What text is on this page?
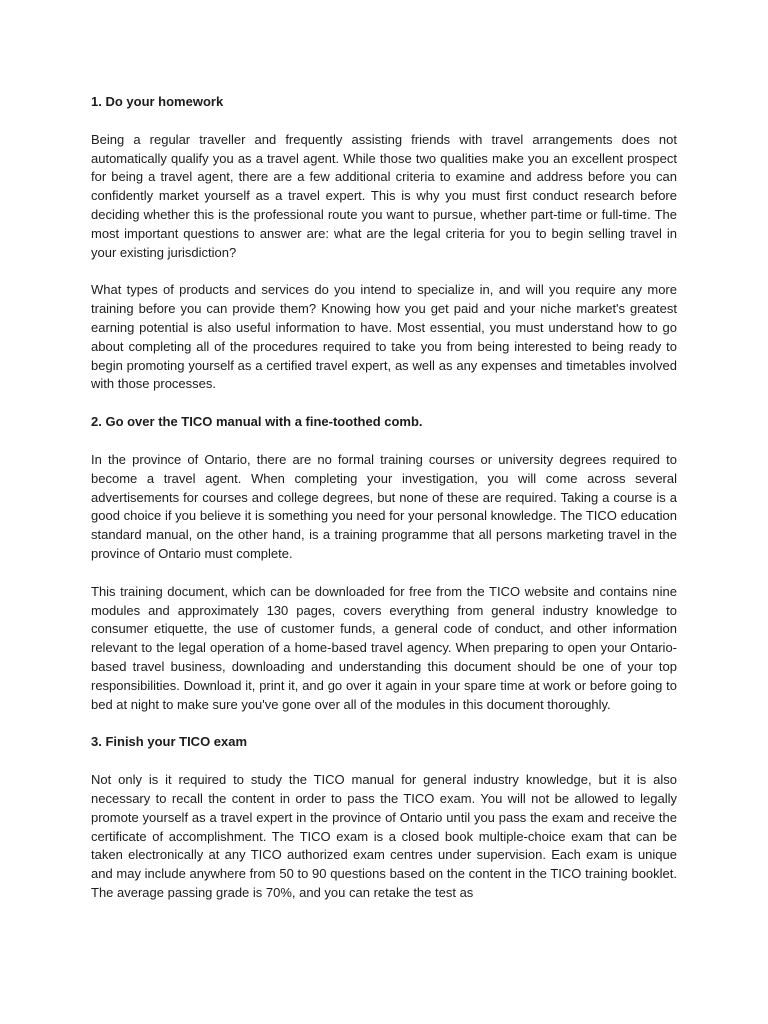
1. Do your homework
Being a regular traveller and frequently assisting friends with travel arrangements does not automatically qualify you as a travel agent. While those two qualities make you an excellent prospect for being a travel agent, there are a few additional criteria to examine and address before you can confidently market yourself as a travel expert. This is why you must first conduct research before deciding whether this is the professional route you want to pursue, whether part-time or full-time. The most important questions to answer are: what are the legal criteria for you to begin selling travel in your existing jurisdiction?
What types of products and services do you intend to specialize in, and will you require any more training before you can provide them? Knowing how you get paid and your niche market's greatest earning potential is also useful information to have. Most essential, you must understand how to go about completing all of the procedures required to take you from being interested to being ready to begin promoting yourself as a certified travel expert, as well as any expenses and timetables involved with those processes.
2. Go over the TICO manual with a fine-toothed comb.
In the province of Ontario, there are no formal training courses or university degrees required to become a travel agent. When completing your investigation, you will come across several advertisements for courses and college degrees, but none of these are required. Taking a course is a good choice if you believe it is something you need for your personal knowledge. The TICO education standard manual, on the other hand, is a training programme that all persons marketing travel in the province of Ontario must complete.
This training document, which can be downloaded for free from the TICO website and contains nine modules and approximately 130 pages, covers everything from general industry knowledge to consumer etiquette, the use of customer funds, a general code of conduct, and other information relevant to the legal operation of a home-based travel agency. When preparing to open your Ontario-based travel business, downloading and understanding this document should be one of your top responsibilities. Download it, print it, and go over it again in your spare time at work or before going to bed at night to make sure you've gone over all of the modules in this document thoroughly.
3. Finish your TICO exam
Not only is it required to study the TICO manual for general industry knowledge, but it is also necessary to recall the content in order to pass the TICO exam. You will not be allowed to legally promote yourself as a travel expert in the province of Ontario until you pass the exam and receive the certificate of accomplishment. The TICO exam is a closed book multiple-choice exam that can be taken electronically at any TICO authorized exam centres under supervision. Each exam is unique and may include anywhere from 50 to 90 questions based on the content in the TICO training booklet. The average passing grade is 70%, and you can retake the test as
